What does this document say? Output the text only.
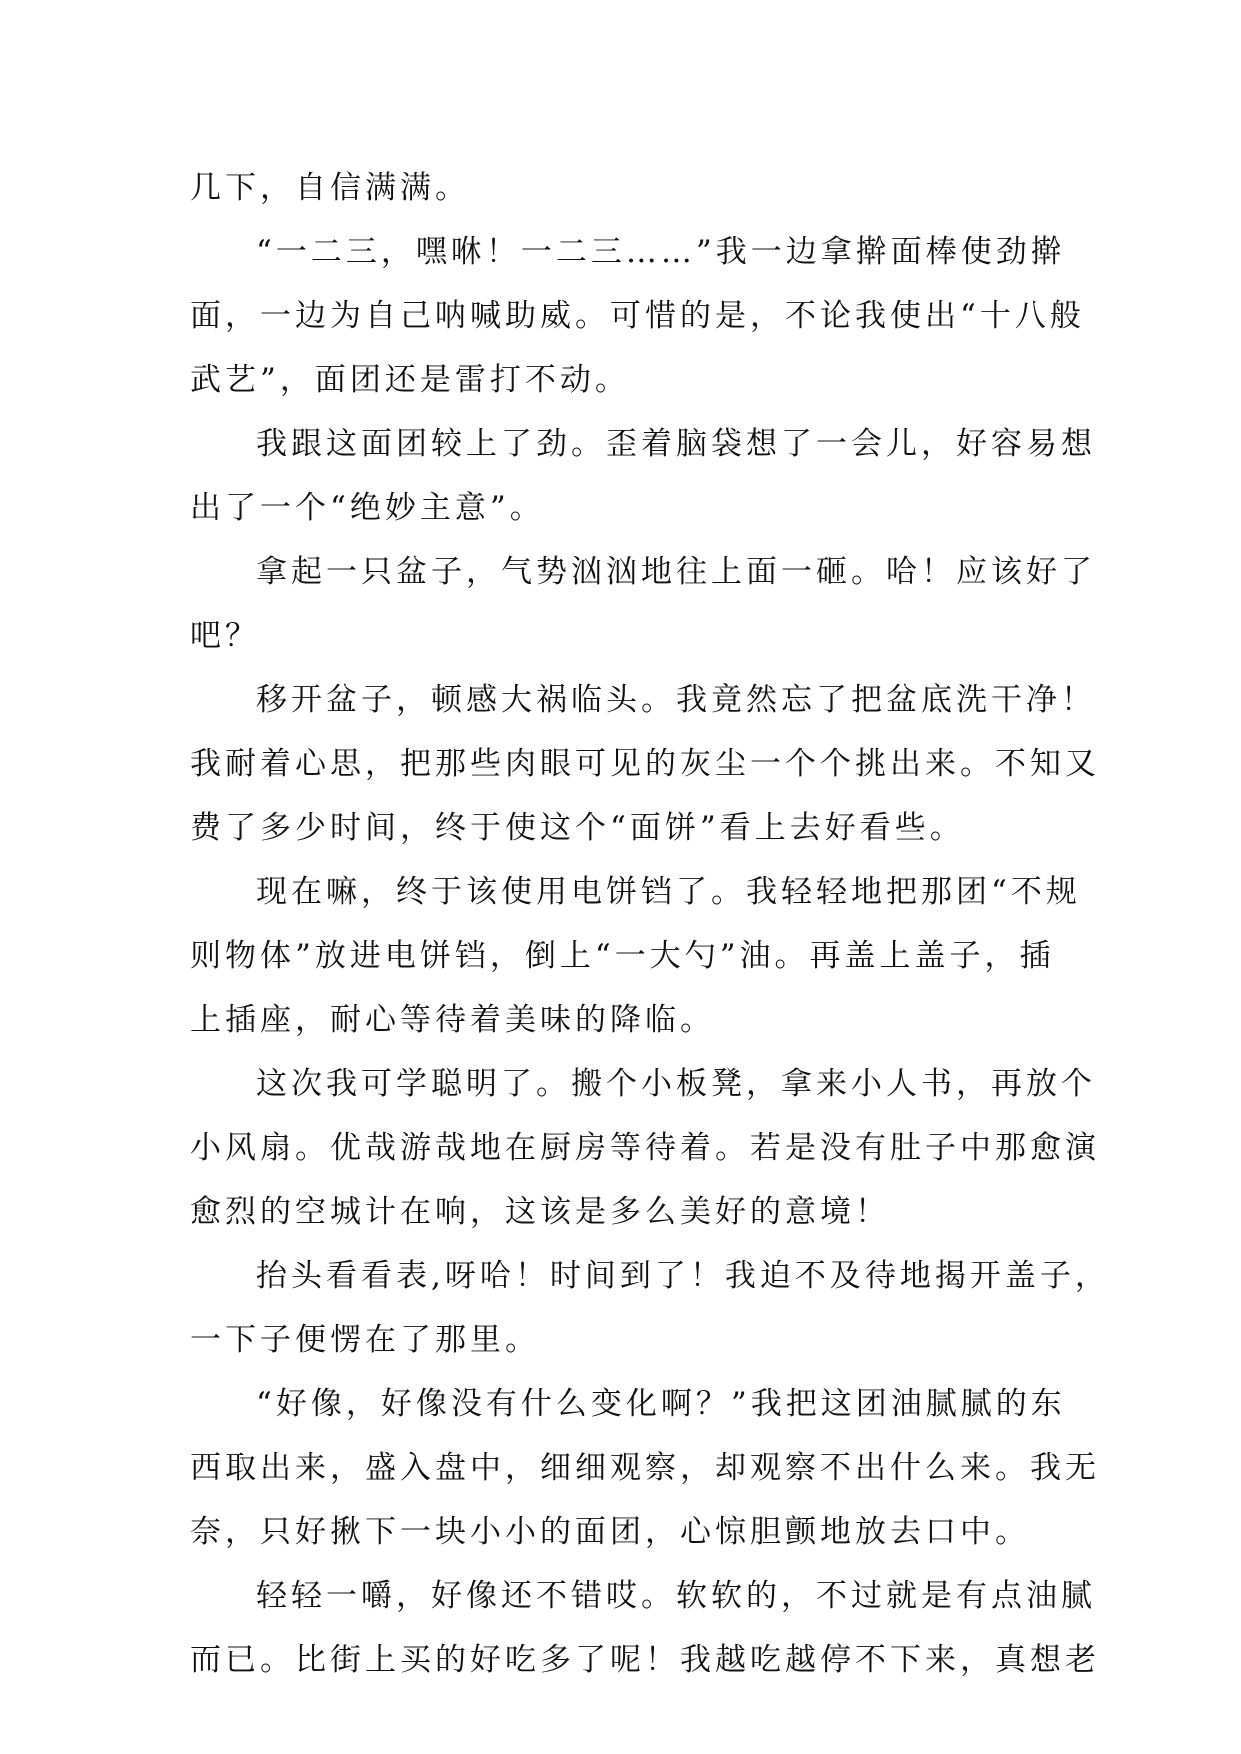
几下，自信满满。
“一二三，嘿咻！一二三……”我一边拿擀面棒使劲擀
面，一边为自己呐喊助威。可惜的是，不论我使出“十八般
武艺”，面团还是雷打不动。
我跟这面团较上了劲。歪着脑袋想了一会儿，好容易想
出了一个“绝妙主意”。
拿起一只盆子，气势汹汹地往上面一砸。哈！应该好了
吧？
移开盆子，顿感大祸临头。我竟然忘了把盆底洗干净！
我耐着心思，把那些肉眼可见的灰尘一个个挑出来。不知又
费了多少时间，终于使这个“面饼”看上去好看些。
现在嘛，终于该使用电饼铛了。我轻轻地把那团“不规
则物体”放进电饼铛，倒上“一大勺”油。再盖上盖子，插
上插座，耐心等待着美味的降临。
这次我可学聪明了。搬个小板凳，拿来小人书，再放个
小风扇。优哉游哉地在厨房等待着。若是没有肚子中那愈演
愈烈的空城计在响，这该是多么美好的意境！
抬头看看表,呀哈！时间到了！我迫不及待地揭开盖子，
一下子便愣在了那里。
“好像，好像没有什么变化啊？”我把这团油腻腻的东
西取出来，盛入盘中，细细观察，却观察不出什么来。我无
奈，只好揪下一块小小的面团，心惊胆颤地放去口中。
轻轻一嚼，好像还不错哎。软软的，不过就是有点油腻
而已。比街上买的好吃多了呢！我越吃越停不下来，真想老
